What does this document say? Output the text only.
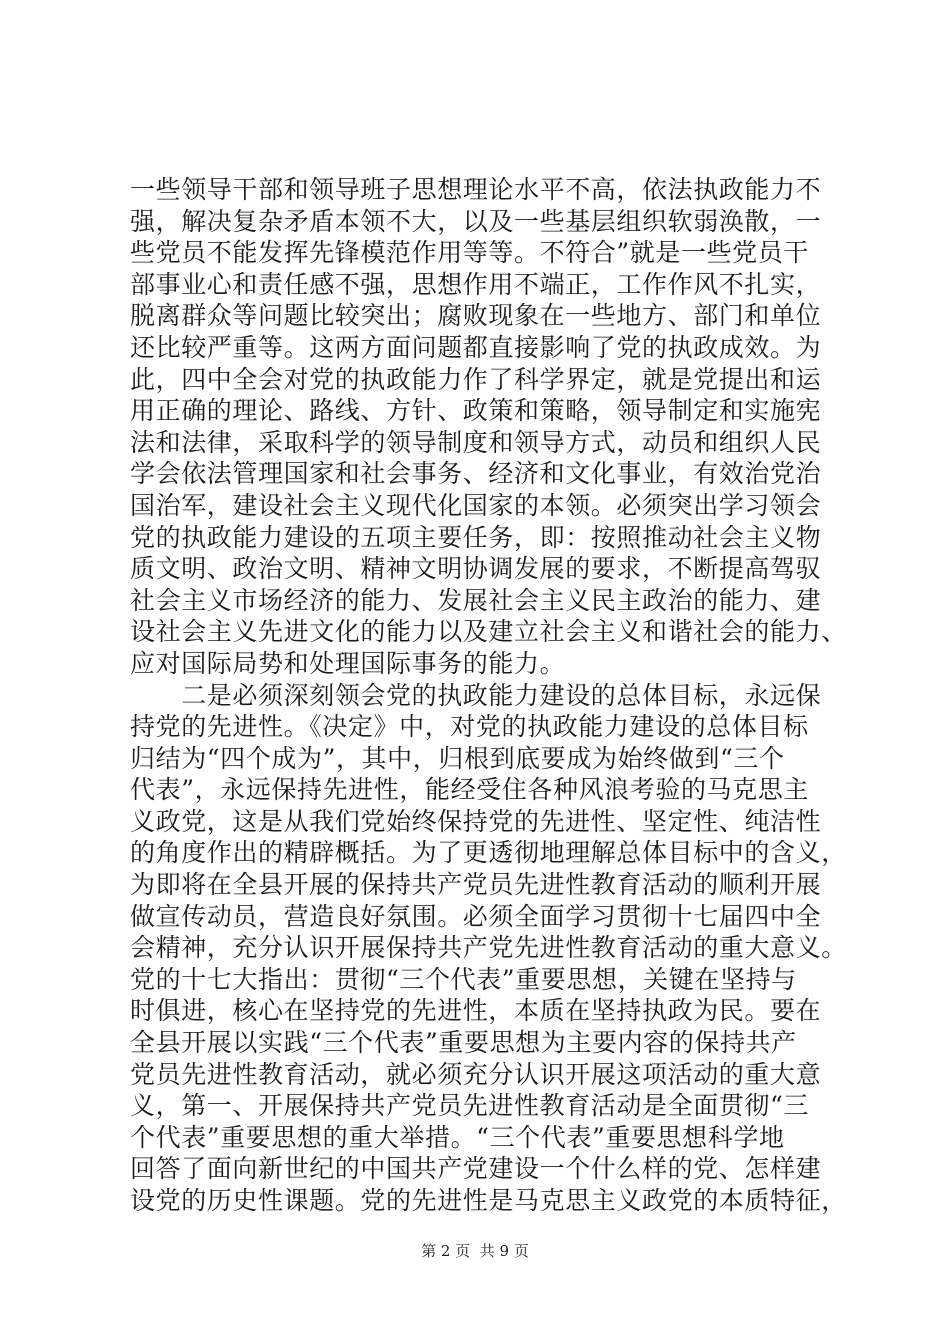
一些领导干部和领导班子思想理论水平不高，依法执政能力不
强，解决复杂矛盾本领不大，以及一些基层组织软弱涣散，一
些党员不能发挥先锋模范作用等等。不符合”就是一些党员干
部事业心和责任感不强，思想作用不端正，工作作风不扎实，
脱离群众等问题比较突出；腐败现象在一些地方、部门和单位
还比较严重等。这两方面问题都直接影响了党的执政成效。为
此，四中全会对党的执政能力作了科学界定，就是党提出和运
用正确的理论、路线、方针、政策和策略，领导制定和实施宪
法和法律，采取科学的领导制度和领导方式，动员和组织人民
学会依法管理国家和社会事务、经济和文化事业，有效治党治
国治军，建设社会主义现代化国家的本领。必须突出学习领会
党的执政能力建设的五项主要任务，即：按照推动社会主义物
质文明、政治文明、精神文明协调发展的要求，不断提高驾驭
社会主义市场经济的能力、发展社会主义民主政治的能力、建
设社会主义先进文化的能力以及建立社会主义和谐社会的能力、
应对国际局势和处理国际事务的能力。
　　二是必须深刻领会党的执政能力建设的总体目标，永远保
持党的先进性。《决定》中，对党的执政能力建设的总体目标
归结为“四个成为”，其中，归根到底要成为始终做到“三个
代表”，永远保持先进性，能经受住各种风浪考验的马克思主
义政党，这是从我们党始终保持党的先进性、坚定性、纯洁性
的角度作出的精辟概括。为了更透彻地理解总体目标中的含义，
为即将在全县开展的保持共产党员先进性教育活动的顺利开展
做宣传动员，营造良好氛围。必须全面学习贯彻十七届四中全
会精神，充分认识开展保持共产党先进性教育活动的重大意义。
党的十七大指出：贯彻“三个代表”重要思想，关键在坚持与
时俱进，核心在坚持党的先进性，本质在坚持执政为民。要在
全县开展以实践“三个代表”重要思想为主要内容的保持共产
党员先进性教育活动，就必须充分认识开展这项活动的重大意
义，第一、开展保持共产党员先进性教育活动是全面贯彻“三
个代表”重要思想的重大举措。“三个代表”重要思想科学地
回答了面向新世纪的中国共产党建设一个什么样的党、怎样建
设党的历史性课题。党的先进性是马克思主义政党的本质特征，
第 2 页  共 9 页
